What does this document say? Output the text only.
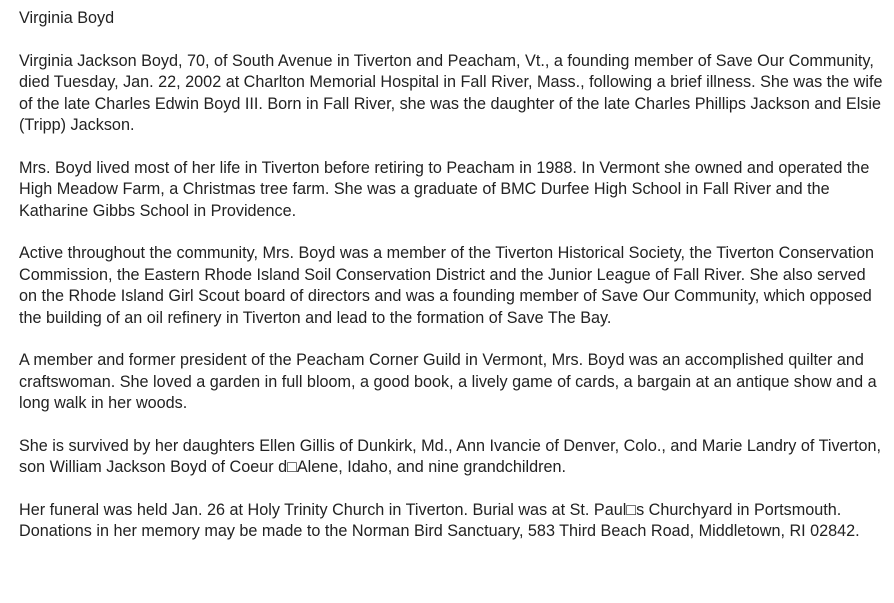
Virginia Boyd
Virginia Jackson Boyd, 70, of South Avenue in Tiverton and Peacham, Vt., a founding member of Save Our Community, died Tuesday, Jan. 22, 2002 at Charlton Memorial Hospital in Fall River, Mass., following a brief illness. She was the wife of the late Charles Edwin Boyd III. Born in Fall River, she was the daughter of the late Charles Phillips Jackson and Elsie (Tripp) Jackson.
Mrs. Boyd lived most of her life in Tiverton before retiring to Peacham in 1988. In Vermont she owned and operated the High Meadow Farm, a Christmas tree farm. She was a graduate of BMC Durfee High School in Fall River and the Katharine Gibbs School in Providence.
Active throughout the community, Mrs. Boyd was a member of the Tiverton Historical Society, the Tiverton Conservation Commission, the Eastern Rhode Island Soil Conservation District and the Junior League of Fall River. She also served on the Rhode Island Girl Scout board of directors and was a founding member of Save Our Community, which opposed the building of an oil refinery in Tiverton and lead to the formation of Save The Bay.
A member and former president of the Peacham Corner Guild in Vermont, Mrs. Boyd was an accomplished quilter and craftswoman. She loved a garden in full bloom, a good book, a lively game of cards, a bargain at an antique show and a long walk in her woods.
She is survived by her daughters Ellen Gillis of Dunkirk, Md., Ann Ivancie of Denver, Colo., and Marie Landry of Tiverton, son William Jackson Boyd of Coeur d□Alene, Idaho, and nine grandchildren.
Her funeral was held Jan. 26 at Holy Trinity Church in Tiverton. Burial was at St. Paul□s Churchyard in Portsmouth. Donations in her memory may be made to the Norman Bird Sanctuary, 583 Third Beach Road, Middletown, RI 02842.
